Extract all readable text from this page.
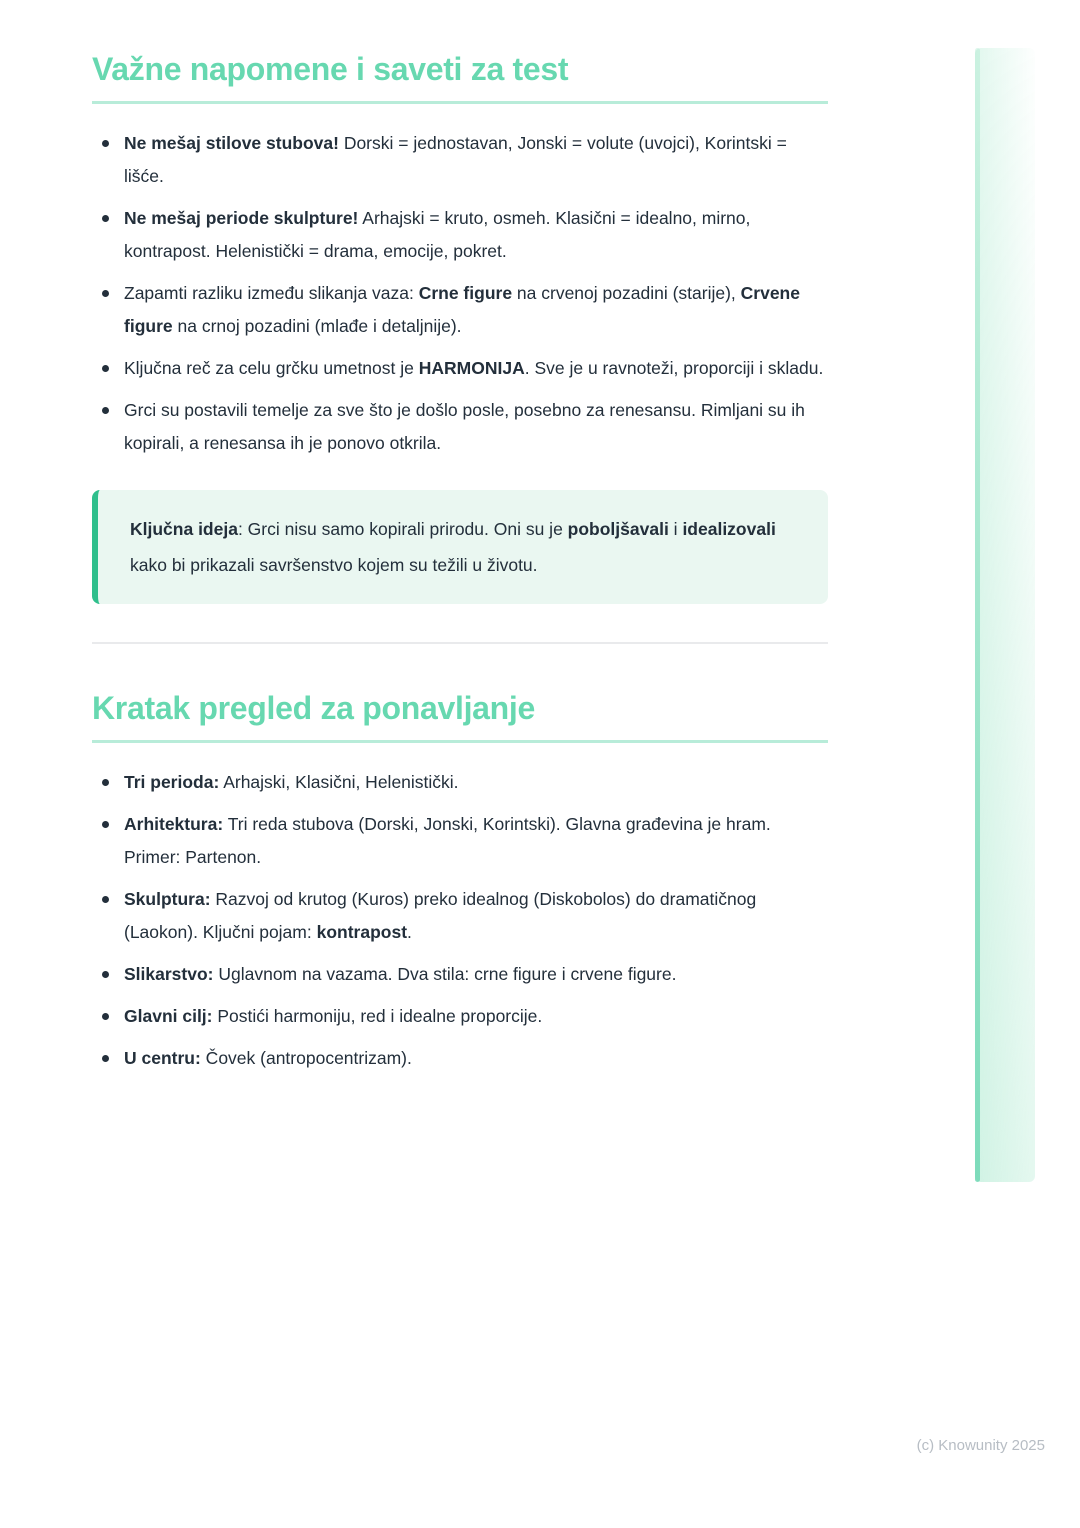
Važne napomene i saveti za test
Ne mešaj stilove stubova! Dorski = jednostavan, Jonski = volute (uvojci), Korintski = lišće.
Ne mešaj periode skulpture! Arhajski = kruto, osmeh. Klasični = idealno, mirno, kontrapost. Helenistički = drama, emocije, pokret.
Zapamti razliku između slikanja vaza: Crne figure na crvenoj pozadini (starije), Crvene figure na crnoj pozadini (mlađe i detaljnije).
Ključna reč za celu grčku umetnost je HARMONIJA. Sve je u ravnoteži, proporciji i skladu.
Grci su postavili temelje za sve što je došlo posle, posebno za renesansu. Rimljani su ih kopirali, a renesansa ih je ponovo otkrila.

Ključna ideja: Grci nisu samo kopirali prirodu. Oni su je poboljšavali i idealizovali kako bi prikazali savršenstvo kojem su težili u životu.

Kratak pregled za ponavljanje
Tri perioda: Arhajski, Klasični, Helenistički.
Arhitektura: Tri reda stubova (Dorski, Jonski, Korintski). Glavna građevina je hram. Primer: Partenon.
Skulptura: Razvoj od krutog (Kuros) preko idealnog (Diskobolos) do dramatičnog (Laokon). Ključni pojam: kontrapost.
Slikarstvo: Uglavnom na vazama. Dva stila: crne figure i crvene figure.
Glavni cilj: Postići harmoniju, red i idealne proporcije.
U centru: Čovek (antropocentrizam).
(c) Knowunity 2025
